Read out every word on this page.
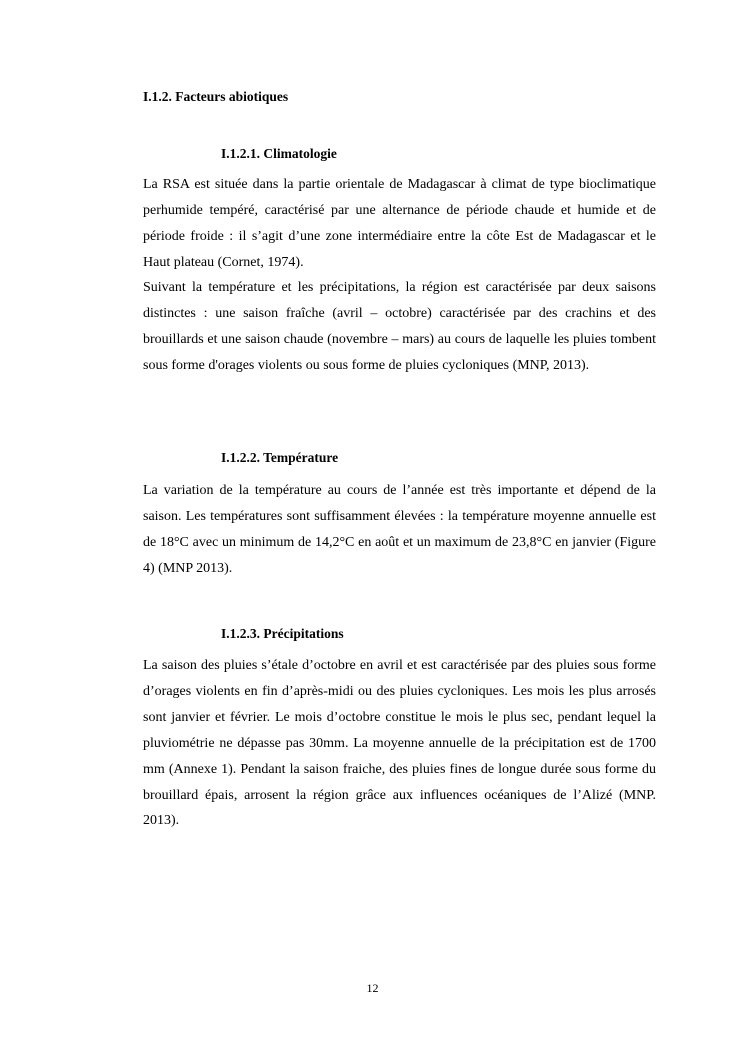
I.1.2. Facteurs abiotiques
I.1.2.1. Climatologie

La RSA est située dans la partie orientale de Madagascar à climat de type bioclimatique perhumide tempéré, caractérisé par une alternance de période chaude et humide et de période froide : il s’agit d’une zone intermédiaire entre la côte Est de Madagascar et le Haut plateau (Cornet, 1974).

Suivant la température et les précipitations, la région est caractérisée par deux saisons distinctes : une saison fraîche (avril – octobre) caractérisée par des crachins et des brouillards et une saison chaude (novembre – mars) au cours de laquelle les pluies tombent sous forme d'orages violents ou sous forme de pluies cycloniques (MNP, 2013).

I.1.2.2. Température

La variation de la température au cours de l’année est très importante et dépend de la saison. Les températures sont suffisamment élevées : la température moyenne annuelle est de 18°C avec un minimum de 14,2°C en août et un maximum de 23,8°C en janvier (Figure 4) (MNP 2013).

I.1.2.3. Précipitations

La saison des pluies s’étale d’octobre en avril et est caractérisée par des pluies sous forme d’orages violents en fin d’après-midi ou des pluies cycloniques. Les mois les plus arrosés sont janvier et février. Le mois d’octobre constitue le mois le plus sec, pendant lequel la pluviométrie ne dépasse pas 30mm. La moyenne annuelle de la précipitation est de 1700 mm (Annexe 1). Pendant la saison fraiche, des pluies fines de longue durée sous forme du brouillard épais, arrosent la région grâce aux influences océaniques de l’Alizé (MNP. 2013).

12
